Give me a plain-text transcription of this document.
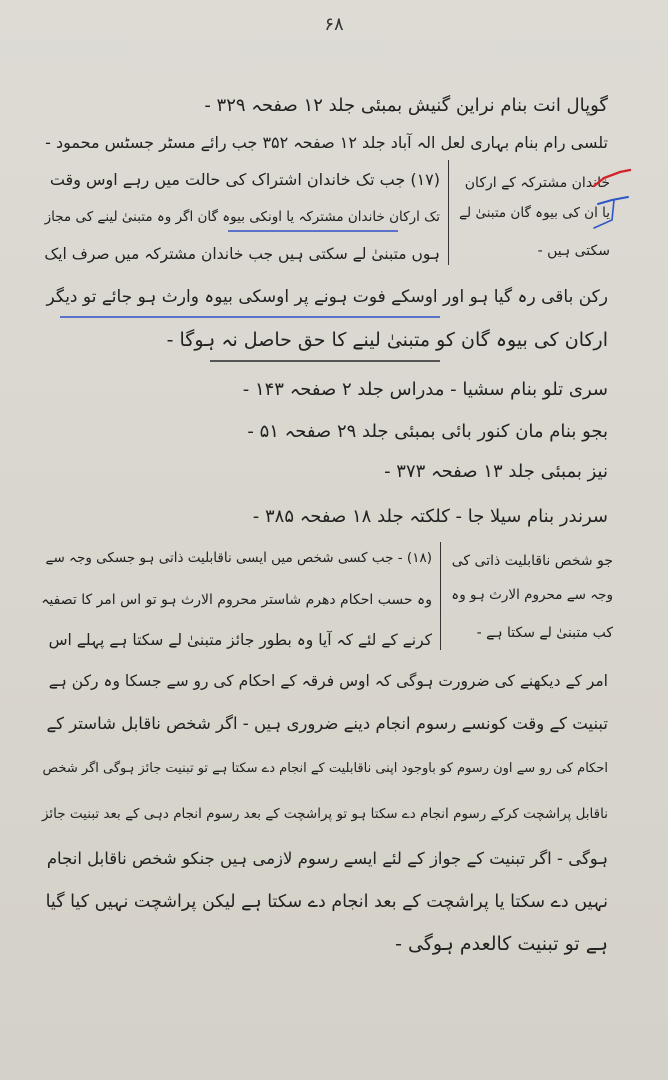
۶۸
گوپال انت بنام نراین گنیش بمبئی جلد ۱۲ صفحہ ۳۲۹ -
تلسی رام بنام بہاری لعل الہ آباد جلد ۱۲ صفحہ ۳۵۲ جب رائے مسٹر جسٹس محمود -
خاندان مشترکہ کے ارکان
یا ان کی بیوہ گان متبنیٰ لے
سکتی ہیں -
(۱۷) جب تک خاندان اشتراک کی حالت میں رہے اوس وقت
تک ارکان خاندان مشترکہ یا اونکی بیوہ گان اگر وہ متبنیٰ لینے کی مجاز
ہوں متبنیٰ لے سکتی ہیں جب خاندان مشترکہ میں صرف ایک
رکن باقی رہ گیا ہو اور اوسکے فوت ہونے پر اوسکی بیوہ وارث ہو جائے تو دیگر
ارکان کی بیوہ گان کو متبنیٰ لینے کا حق حاصل نہ ہوگا -
سری تلو بنام سشیا - مدراس جلد ۲ صفحہ ۱۴۳ -
بجو بنام مان کنور بائی بمبئی جلد ۲۹ صفحہ ۵۱ -
نیز بمبئی جلد ۱۳ صفحہ ۳۷۳ -
سرندر بنام سیلا جا - کلکتہ جلد ۱۸ صفحہ ۳۸۵ -
جو شخص ناقابلیت ذاتی کی
وجہ سے محروم الارث ہو وہ
کب متبنیٰ لے سکتا ہے -
(۱۸) - جب کسی شخص میں ایسی ناقابلیت ذاتی ہو جسکی وجہ سے
وہ حسب احکام دھرم شاستر محروم الارث ہو تو اس امر کا تصفیہ
کرنے کے لئے کہ آیا وہ بطور جائز متبنیٰ لے سکتا ہے پہلے اس
امر کے دیکھنے کی ضرورت ہوگی کہ اوس فرقہ کے احکام کی رو سے جسکا وہ رکن ہے
تبنیت کے وقت کونسے رسوم انجام دینے ضروری ہیں - اگر شخص ناقابل شاستر کے
احکام کی رو سے اون رسوم کو باوجود اپنی ناقابلیت کے انجام دے سکتا ہے تو تبنیت جائز ہوگی اگر شخص
ناقابل پراشچت کرکے رسوم انجام دے سکتا ہو تو پراشچت کے بعد رسوم انجام دہی کے بعد تبنیت جائز
ہوگی - اگر تبنیت کے جواز کے لئے ایسے رسوم لازمی ہیں جنکو شخص ناقابل انجام
نہیں دے سکتا یا پراشچت کے بعد انجام دے سکتا ہے لیکن پراشچت نہیں کیا گیا
ہے تو تبنیت کالعدم ہوگی -
